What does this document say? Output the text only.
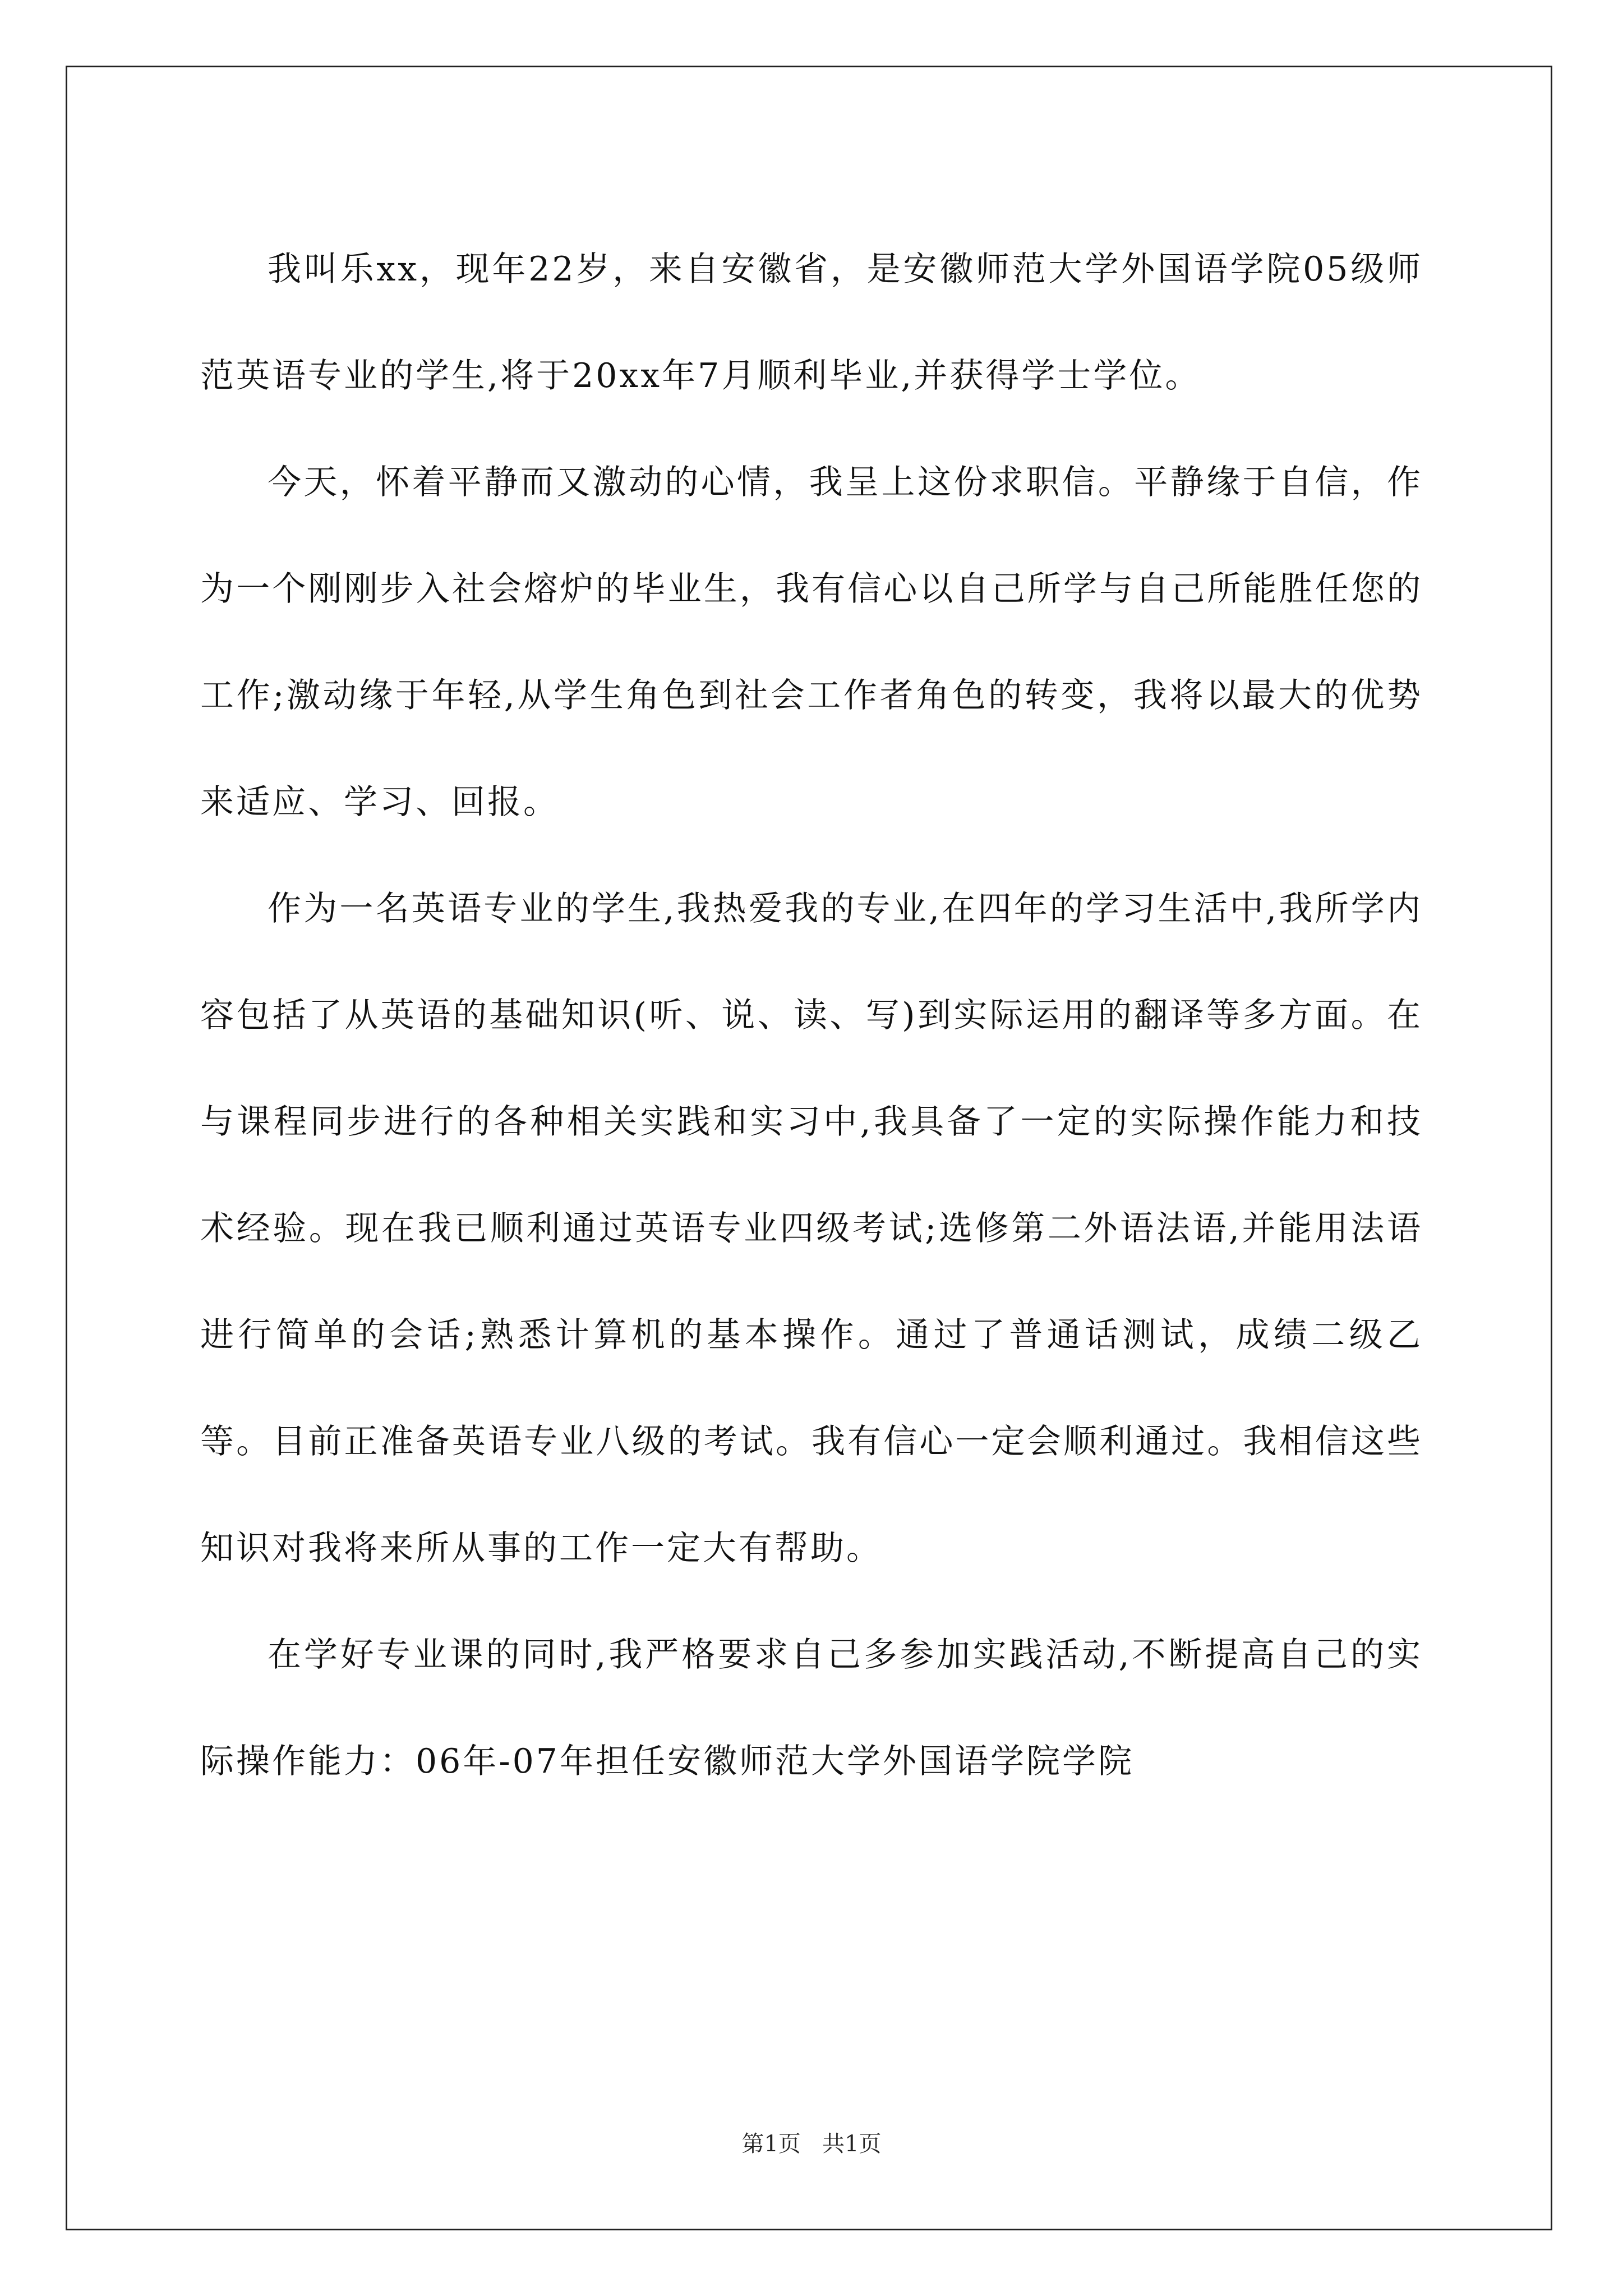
我叫乐xx，现年22岁，来自安徽省，是安徽师范大学外国语学院05级师范英语专业的学生,将于20xx年7月顺利毕业,并获得学士学位。

今天，怀着平静而又激动的心情，我呈上这份求职信。平静缘于自信，作为一个刚刚步入社会熔炉的毕业生，我有信心以自己所学与自己所能胜任您的工作;激动缘于年轻,从学生角色到社会工作者角色的转变，我将以最大的优势来适应、学习、回报。

作为一名英语专业的学生,我热爱我的专业,在四年的学习生活中,我所学内容包括了从英语的基础知识(听、说、读、写)到实际运用的翻译等多方面。在与课程同步进行的各种相关实践和实习中,我具备了一定的实际操作能力和技术经验。现在我已顺利通过英语专业四级考试;选修第二外语法语,并能用法语进行简单的会话;熟悉计算机的基本操作。通过了普通话测试，成绩二级乙等。目前正准备英语专业八级的考试。我有信心一定会顺利通过。我相信这些知识对我将来所从事的工作一定大有帮助。

在学好专业课的同时,我严格要求自己多参加实践活动,不断提高自己的实际操作能力：06年-07年担任安徽师范大学外国语学院学院

第1页   共1页
